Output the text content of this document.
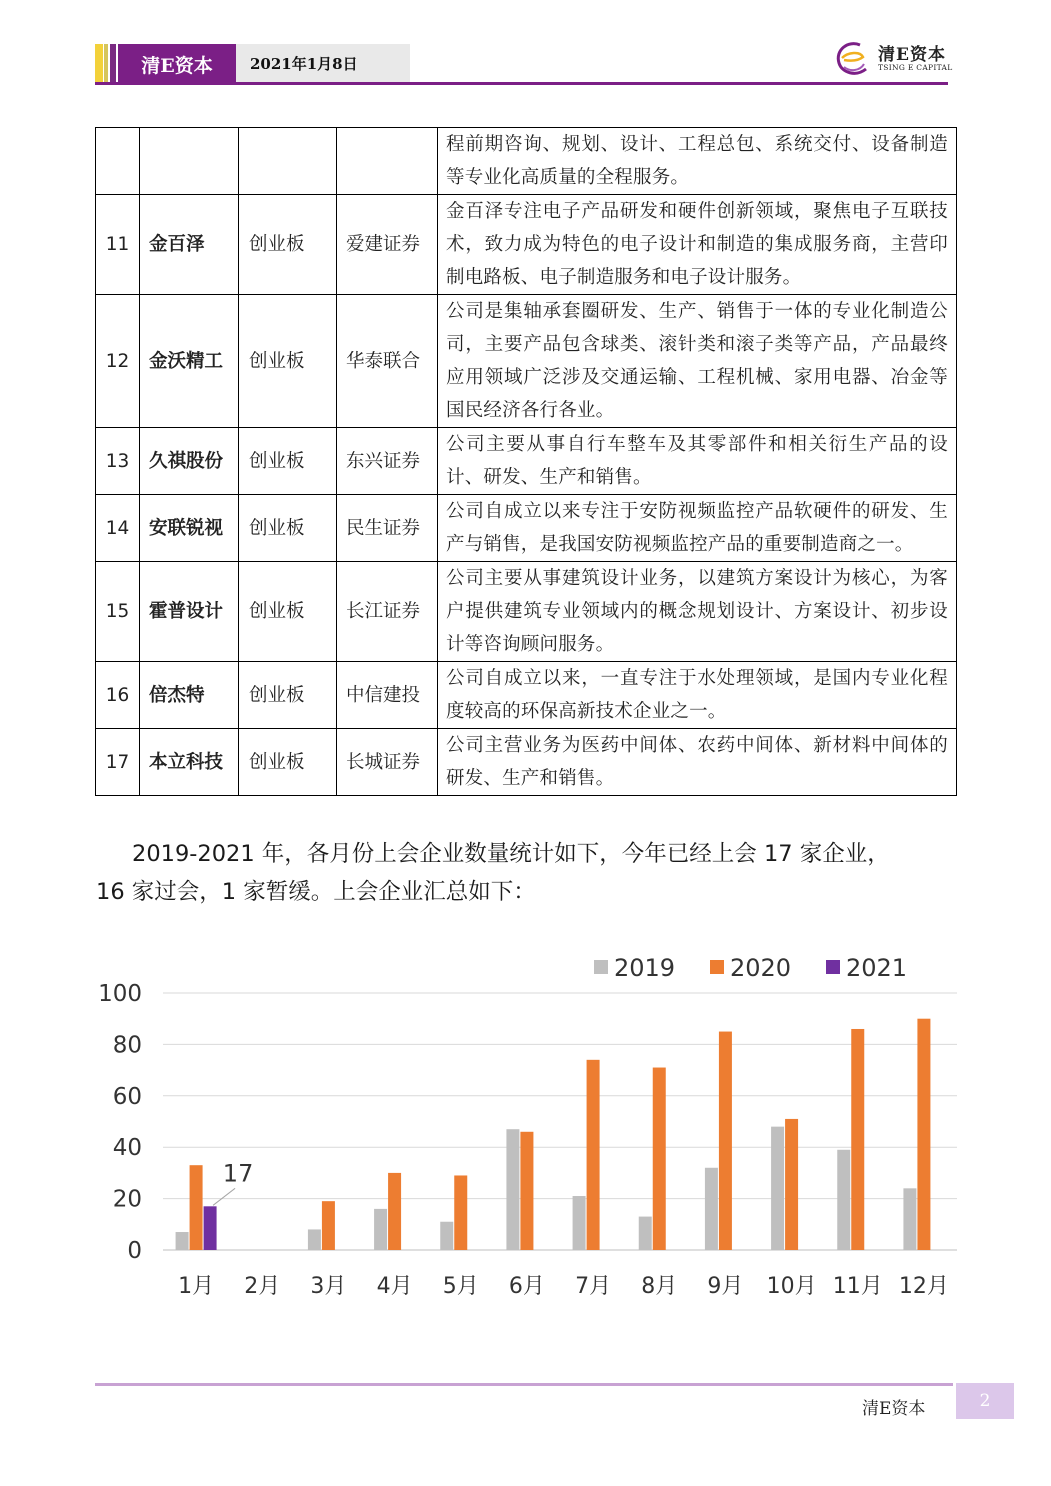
清E资本	2021年1月8日	清E资本
TSING E CAPITAL
				程前期咨询、规划、设计、工程总包、系统交付、设备制造等专业化高质量的全程服务。
11	金百泽	创业板	爱建证券	金百泽专注电子产品研发和硬件创新领域，聚焦电子互联技术，致力成为特色的电子设计和制造的集成服务商，主营印制电路板、电子制造服务和电子设计服务。
12	金沃精工	创业板	华泰联合	公司是集轴承套圈研发、生产、销售于一体的专业化制造公司，主要产品包含球类、滚针类和滚子类等产品，产品最终应用领域广泛涉及交通运输、工程机械、家用电器、冶金等国民经济各行各业。
13	久祺股份	创业板	东兴证券	公司主要从事自行车整车及其零部件和相关衍生产品的设计、研发、生产和销售。
14	安联锐视	创业板	民生证券	公司自成立以来专注于安防视频监控产品软硬件的研发、生产与销售，是我国安防视频监控产品的重要制造商之一。
15	霍普设计	创业板	长江证券	公司主要从事建筑设计业务，以建筑方案设计为核心，为客户提供建筑专业领域内的概念规划设计、方案设计、初步设计等咨询顾问服务。
16	倍杰特	创业板	中信建投	公司自成立以来，一直专注于水处理领域，是国内专业化程度较高的环保高新技术企业之一。
17	本立科技	创业板	长城证券	公司主营业务为医药中间体、农药中间体、新材料中间体的研发、生产和销售。
2019-2021 年，各月份上会企业数量统计如下，今年已经上会 17 家企业，
16 家过会，1 家暂缓。上会企业汇总如下：
0
20
40
60
80
100
1月 2月 3月 4月 5月 6月 7月 8月 9月 10月 11月 12月
17
2019 2020 2021
清E资本	2
